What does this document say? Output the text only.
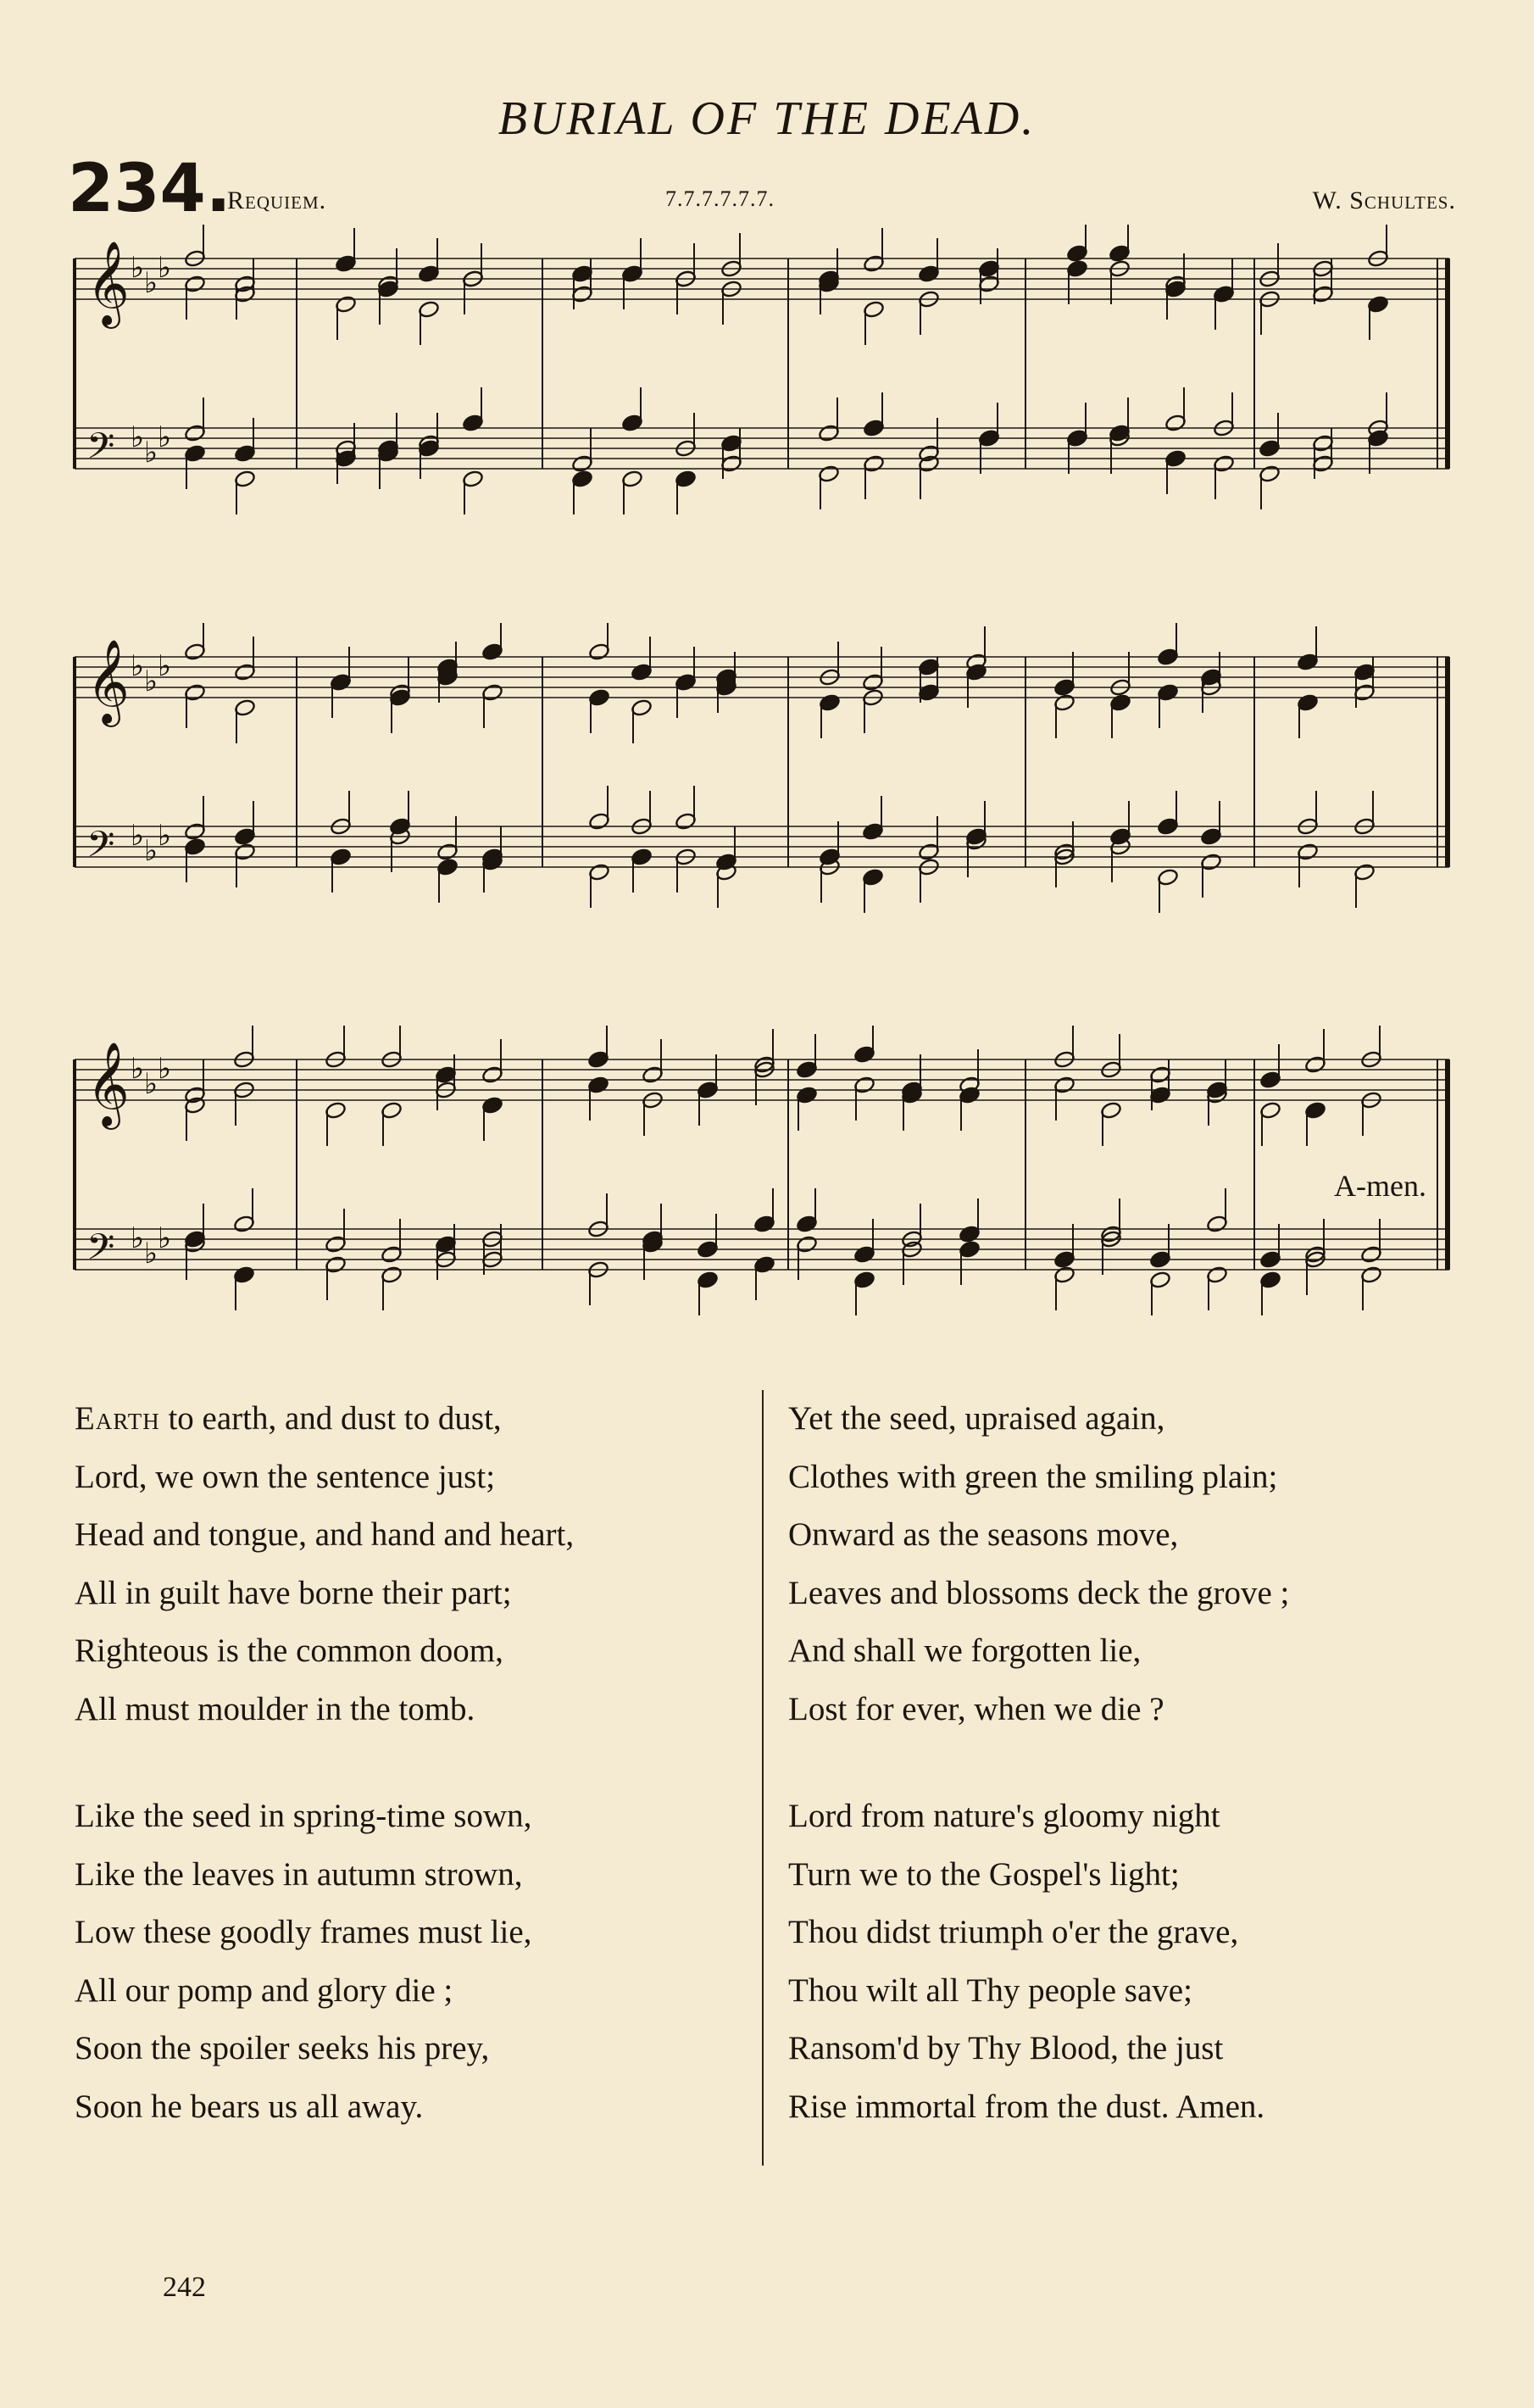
BURIAL OF THE DEAD.
234.
Requiem.	7.7.7.7.7.7.	W. Schultes.
𝄞 ♭ ♭ ♭
𝄢 ♭ ♭ ♭
𝄞 ♭ ♭ ♭
𝄢 ♭ ♭ ♭
𝄞 ♭ ♭ ♭
𝄢 ♭ ♭ ♭
A-men.
Earth to earth, and dust to dust,
Lord, we own the sentence just;
Head and tongue, and hand and heart,
All in guilt have borne their part;
Righteous is the common doom,
All must moulder in the tomb.
Like the seed in spring-time sown,
Like the leaves in autumn strown,
Low these goodly frames must lie,
All our pomp and glory die ;
Soon the spoiler seeks his prey,
Soon he bears us all away.
Yet the seed, upraised again,
Clothes with green the smiling plain;
Onward as the seasons move,
Leaves and blossoms deck the grove ;
And shall we forgotten lie,
Lost for ever, when we die ?
Lord from nature's gloomy night
Turn we to the Gospel's light;
Thou didst triumph o'er the grave,
Thou wilt all Thy people save;
Ransom'd by Thy Blood, the just
Rise immortal from the dust. Amen.
242
